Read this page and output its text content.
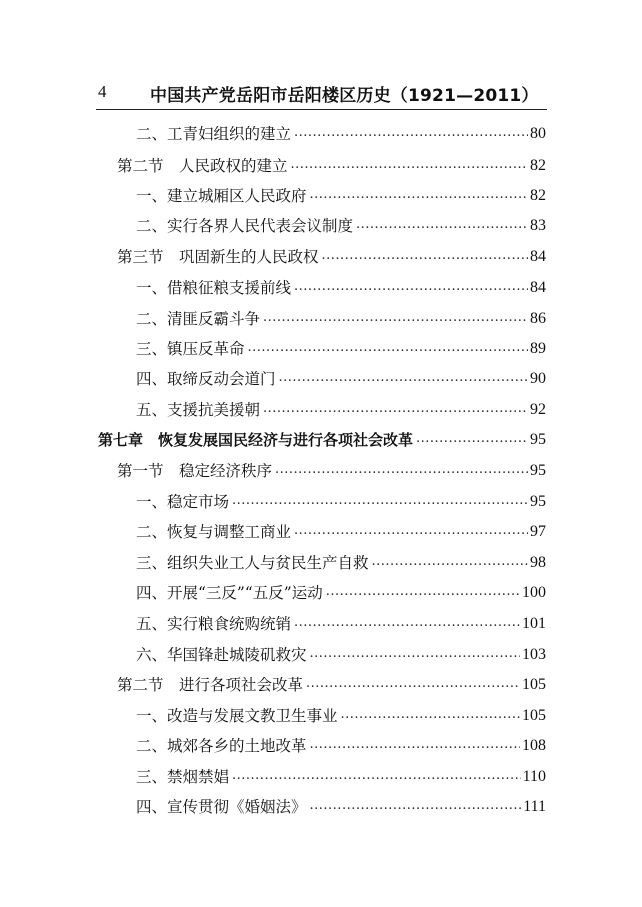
4	中国共产党岳阳市岳阳楼区历史（1921—2011）
二、工青妇组织的建立 .....	80
第二节　人民政权的建立 .....	82
一、建立城厢区人民政府 .....	82
二、实行各界人民代表会议制度 .....	83
第三节　巩固新生的人民政权 .....	84
一、借粮征粮支援前线 .....	84
二、清匪反霸斗争 .....	86
三、镇压反革命 .....	89
四、取缔反动会道门 .....	90
五、支援抗美援朝 .....	92
第七章　恢复发展国民经济与进行各项社会改革 .....	95
第一节　稳定经济秩序 .....	95
一、稳定市场 .....	95
二、恢复与调整工商业 .....	97
三、组织失业工人与贫民生产自救 .....	98
四、开展“三反”“五反”运动 .....	100
五、实行粮食统购统销 .....	101
六、华国锋赴城陵矶救灾 .....	103
第二节　进行各项社会改革 .....	105
一、改造与发展文教卫生事业 .....	105
二、城郊各乡的土地改革 .....	108
三、禁烟禁娼 .....	110
四、宣传贯彻《婚姻法》 .....	111
